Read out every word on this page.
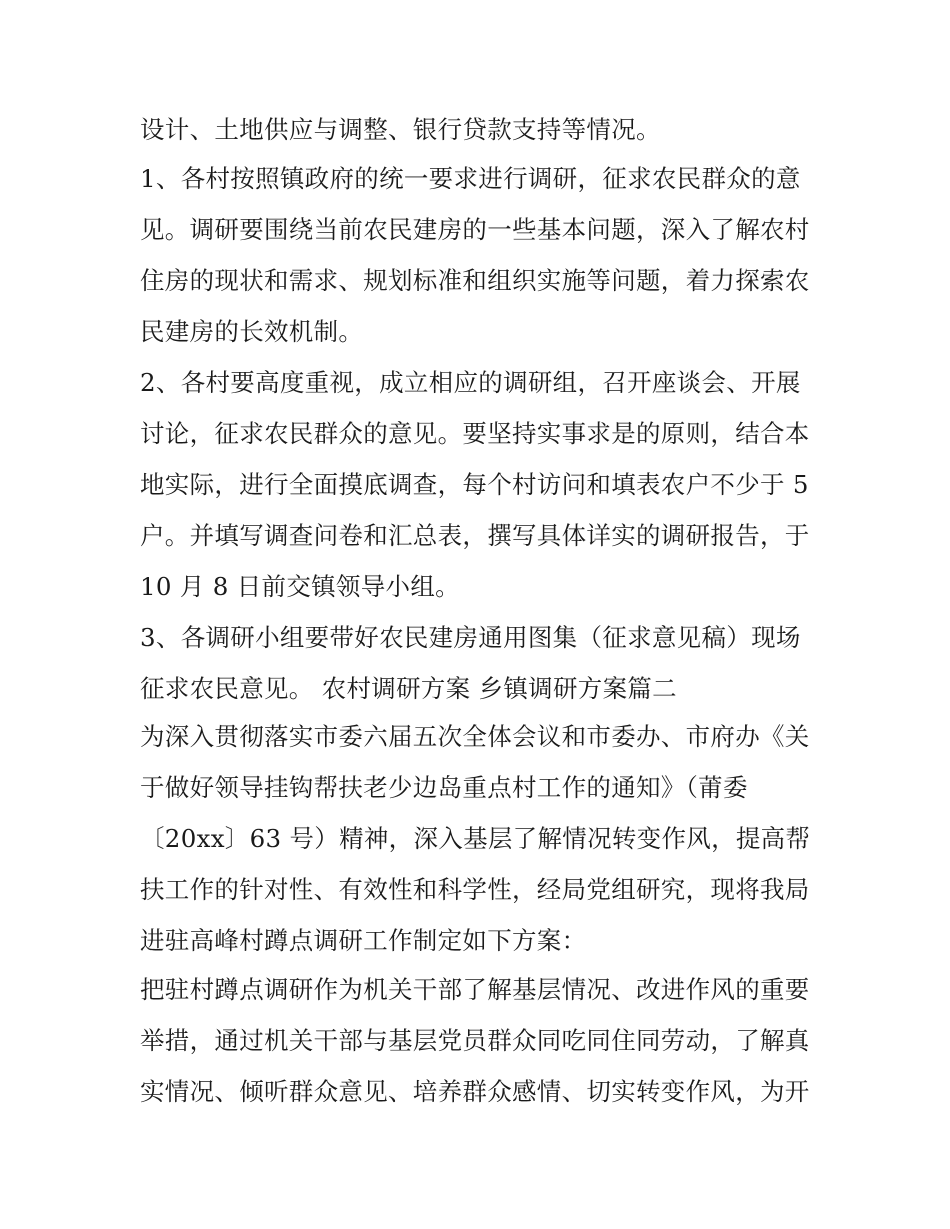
设计、土地供应与调整、银行贷款支持等情况。
1、各村按照镇政府的统一要求进行调研，征求农民群众的意
见。调研要围绕当前农民建房的一些基本问题，深入了解农村
住房的现状和需求、规划标准和组织实施等问题，着力探索农
民建房的长效机制。
2、各村要高度重视，成立相应的调研组，召开座谈会、开展
讨论，征求农民群众的意见。要坚持实事求是的原则，结合本
地实际，进行全面摸底调查，每个村访问和填表农户不少于 5
户。并填写调查问卷和汇总表，撰写具体详实的调研报告，于
10 月 8 日前交镇领导小组。
3、各调研小组要带好农民建房通用图集（征求意见稿）现场
征求农民意见。 农村调研方案 乡镇调研方案篇二
为深入贯彻落实市委六届五次全体会议和市委办、市府办《关
于做好领导挂钩帮扶老少边岛重点村工作的通知》（莆委
〔20xx〕63 号）精神，深入基层了解情况转变作风，提高帮
扶工作的针对性、有效性和科学性，经局党组研究，现将我局
进驻高峰村蹲点调研工作制定如下方案：
把驻村蹲点调研作为机关干部了解基层情况、改进作风的重要
举措，通过机关干部与基层党员群众同吃同住同劳动，了解真
实情况、倾听群众意见、培养群众感情、切实转变作风，为开
